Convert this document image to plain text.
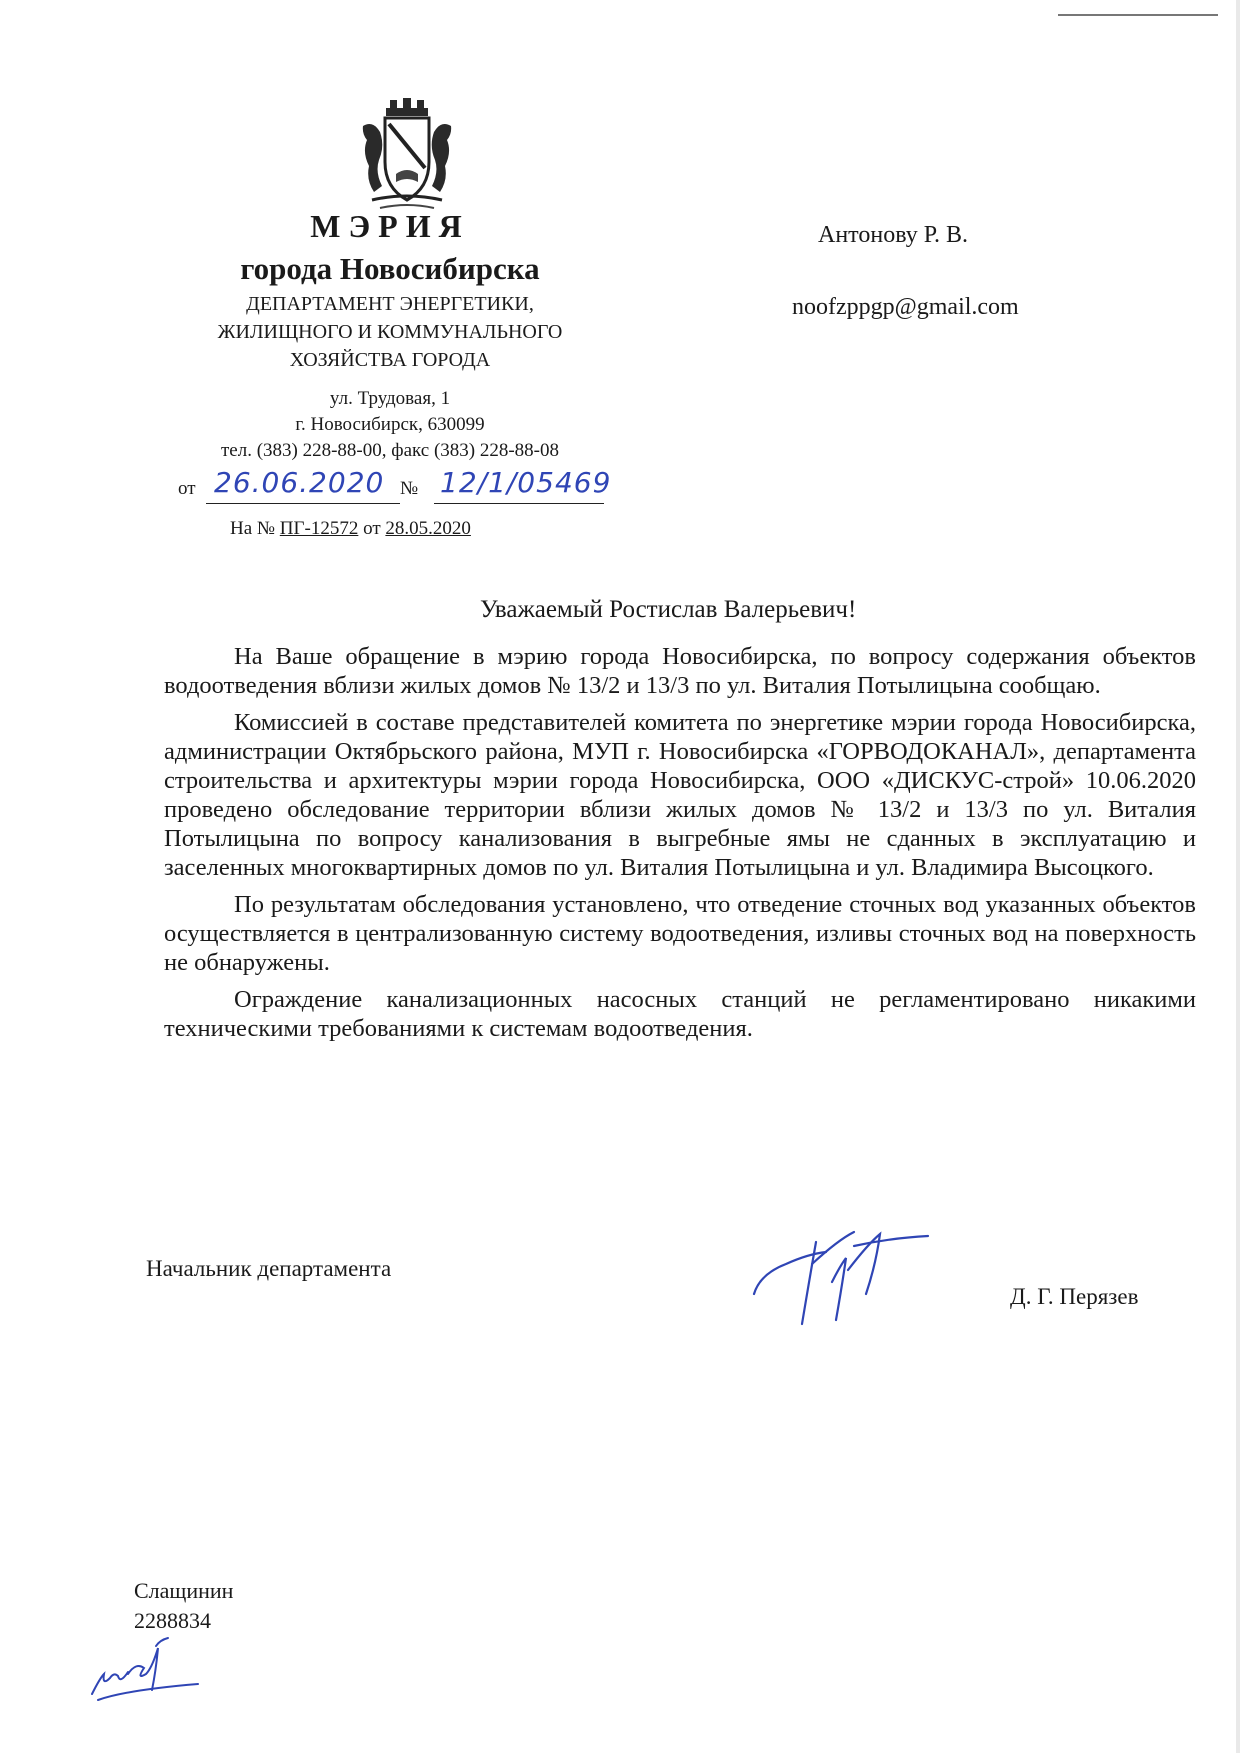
МЭРИЯ
города Новосибирска
ДЕПАРТАМЕНТ ЭНЕРГЕТИКИ,
ЖИЛИЩНОГО И КОММУНАЛЬНОГО
ХОЗЯЙСТВА ГОРОДА
ул. Трудовая, 1
г. Новосибирск, 630099
тел. (383) 228-88-00, факс (383) 228-88-08
от 26.06.2020 № 12/1/05469
На № ПГ-12572 от 28.05.2020
Антонову Р. В.
noofzppgp@gmail.com
Уважаемый Ростислав Валерьевич!

На Ваше обращение в мэрию города Новосибирска, по вопросу содержания объектов водоотведения вблизи жилых домов № 13/2 и 13/3 по ул. Виталия Потылицына сообщаю.

Комиссией в составе представителей комитета по энергетике мэрии города Новосибирска, администрации Октябрьского района, МУП г. Новосибирска «ГОРВОДОКАНАЛ», департамента строительства и архитектуры мэрии города Новосибирска, ООО «ДИСКУС-строй» 10.06.2020 проведено обследование территории вблизи жилых домов № 13/2 и 13/3 по ул. Виталия Потылицына по вопросу канализования в выгребные ямы не сданных в эксплуатацию и заселенных многоквартирных домов по ул. Виталия Потылицына и ул. Владимира Высоцкого.

По результатам обследования установлено, что отведение сточных вод указанных объектов осуществляется в централизованную систему водоотведения, изливы сточных вод на поверхность не обнаружены.

Ограждение канализационных насосных станций не регламентировано никакими техническими требованиями к системам водоотведения.

Начальник департамента
Д. Г. Перязев
Слащинин
2288834
